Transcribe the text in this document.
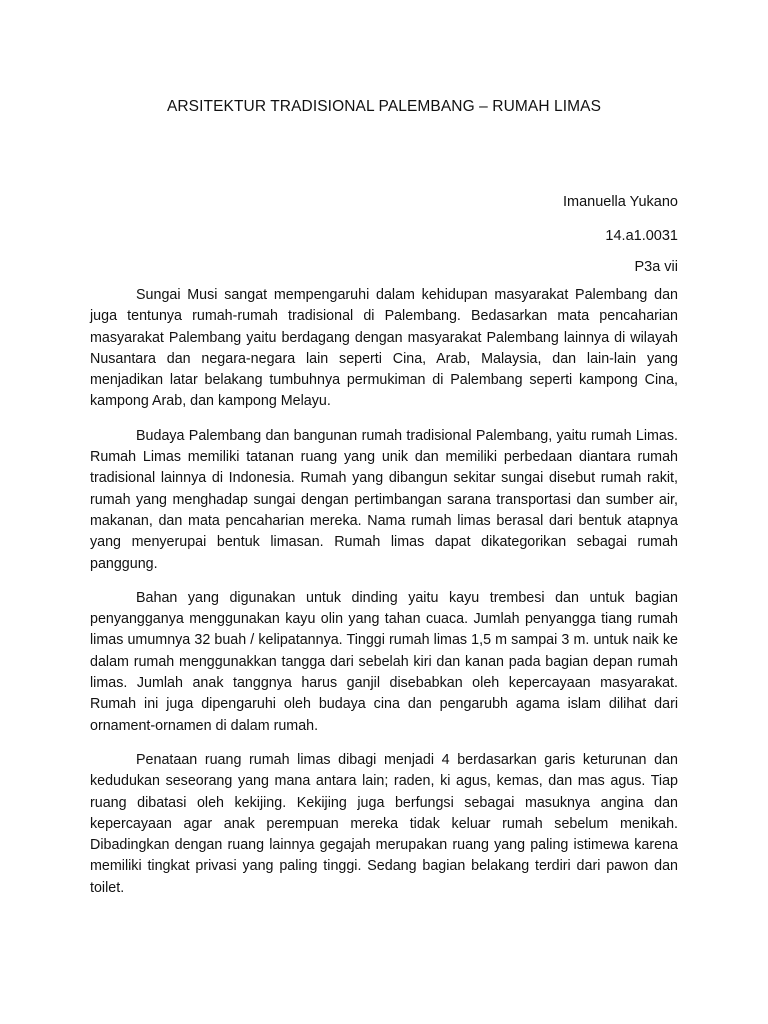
ARSITEKTUR TRADISIONAL PALEMBANG – RUMAH LIMAS
Imanuella Yukano
14.a1.0031
P3a vii

Sungai Musi sangat mempengaruhi dalam kehidupan masyarakat Palembang dan juga tentunya rumah-rumah tradisional di Palembang. Bedasarkan mata pencaharian masyarakat Palembang yaitu berdagang dengan masyarakat Palembang lainnya di wilayah Nusantara dan negara-negara lain seperti Cina, Arab, Malaysia, dan lain-lain yang menjadikan latar belakang tumbuhnya permukiman di Palembang seperti kampong Cina, kampong Arab, dan kampong Melayu.

Budaya Palembang dan bangunan rumah tradisional Palembang, yaitu rumah Limas. Rumah Limas memiliki tatanan ruang yang unik dan memiliki perbedaan diantara rumah tradisional lainnya di Indonesia. Rumah yang dibangun sekitar sungai disebut rumah rakit, rumah yang menghadap sungai dengan pertimbangan sarana transportasi dan sumber air, makanan, dan mata pencaharian mereka. Nama rumah limas berasal dari bentuk atapnya yang menyerupai bentuk limasan. Rumah limas dapat dikategorikan sebagai rumah panggung.

Bahan yang digunakan untuk dinding yaitu kayu trembesi dan untuk bagian penyangganya menggunakan kayu olin yang tahan cuaca. Jumlah penyangga tiang rumah limas umumnya 32 buah / kelipatannya. Tinggi rumah limas 1,5 m sampai 3 m. untuk naik ke dalam rumah menggunakkan tangga dari sebelah kiri dan kanan pada bagian depan rumah limas. Jumlah anak tanggnya harus ganjil disebabkan oleh kepercayaan masyarakat. Rumah ini juga dipengaruhi oleh budaya cina dan pengarubh agama islam dilihat dari ornament-ornamen di dalam rumah.

Penataan ruang rumah limas dibagi menjadi 4 berdasarkan garis keturunan dan kedudukan seseorang yang mana antara lain; raden, ki agus, kemas, dan mas agus. Tiap ruang dibatasi oleh kekijing. Kekijing juga berfungsi sebagai masuknya angina dan kepercayaan agar anak perempuan mereka tidak keluar rumah sebelum menikah. Dibadingkan dengan ruang lainnya gegajah merupakan ruang yang paling istimewa karena memiliki tingkat privasi yang paling tinggi. Sedang bagian belakang terdiri dari pawon dan toilet.
